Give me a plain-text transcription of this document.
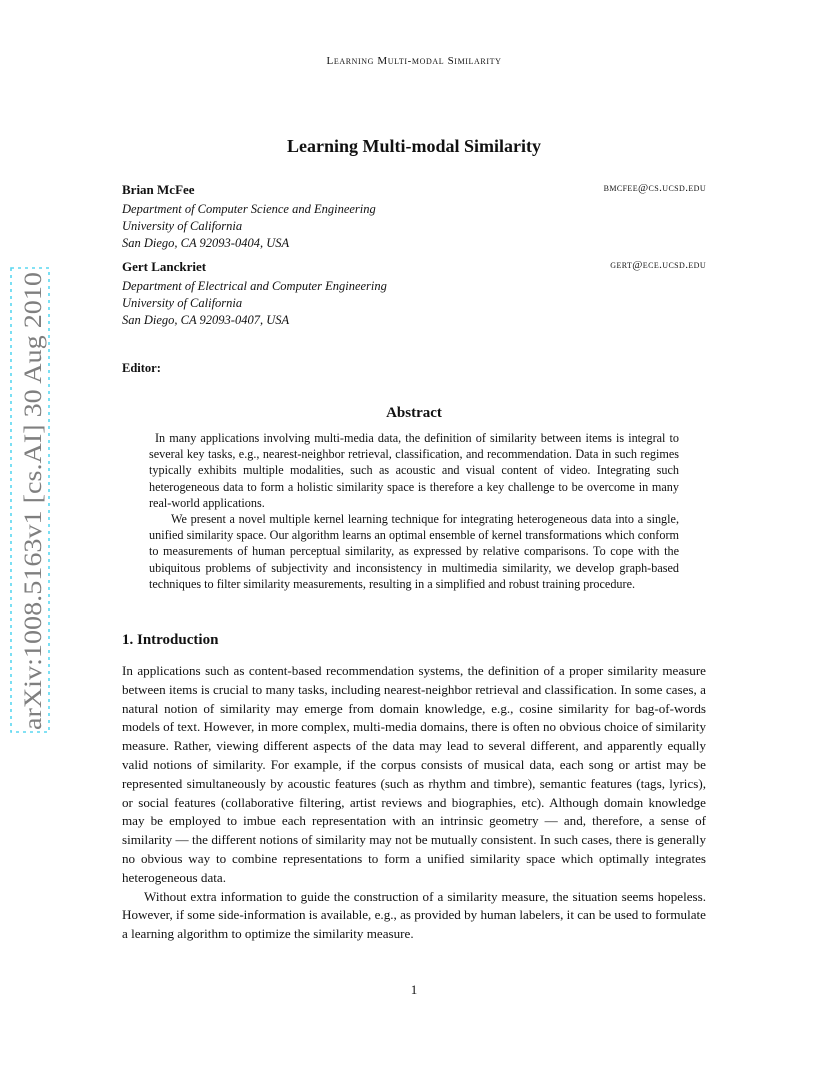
Learning Multi-modal Similarity
Learning Multi-modal Similarity
Brian McFee	bmcfee@cs.ucsd.edu
Department of Computer Science and Engineering
University of California
San Diego, CA 92093-0404, USA
Gert Lanckriet	gert@ece.ucsd.edu
Department of Electrical and Computer Engineering
University of California
San Diego, CA 92093-0407, USA
Editor:
Abstract

In many applications involving multi-media data, the definition of similarity between items is integral to several key tasks, e.g., nearest-neighbor retrieval, classification, and recommendation. Data in such regimes typically exhibits multiple modalities, such as acoustic and visual content of video. Integrating such heterogeneous data to form a holistic similarity space is therefore a key challenge to be overcome in many real-world applications.

We present a novel multiple kernel learning technique for integrating heterogeneous data into a single, unified similarity space. Our algorithm learns an optimal ensemble of kernel transformations which conform to measurements of human perceptual similarity, as expressed by relative comparisons. To cope with the ubiquitous problems of subjectivity and inconsistency in multimedia similarity, we develop graph-based techniques to filter similarity measurements, resulting in a simplified and robust training procedure.

1. Introduction

In applications such as content-based recommendation systems, the definition of a proper similarity measure between items is crucial to many tasks, including nearest-neighbor retrieval and classification. In some cases, a natural notion of similarity may emerge from domain knowledge, e.g., cosine similarity for bag-of-words models of text. However, in more complex, multi-media domains, there is often no obvious choice of similarity measure. Rather, viewing different aspects of the data may lead to several different, and apparently equally valid notions of similarity. For example, if the corpus consists of musical data, each song or artist may be represented simultaneously by acoustic features (such as rhythm and timbre), semantic features (tags, lyrics), or social features (collaborative filtering, artist reviews and biographies, etc). Although domain knowledge may be employed to imbue each representation with an intrinsic geometry — and, therefore, a sense of similarity — the different notions of similarity may not be mutually consistent. In such cases, there is generally no obvious way to combine representations to form a unified similarity space which optimally integrates heterogeneous data.

Without extra information to guide the construction of a similarity measure, the situation seems hopeless. However, if some side-information is available, e.g., as provided by human labelers, it can be used to formulate a learning algorithm to optimize the similarity measure.

1
arXiv:1008.5163v1 [cs.AI] 30 Aug 2010
